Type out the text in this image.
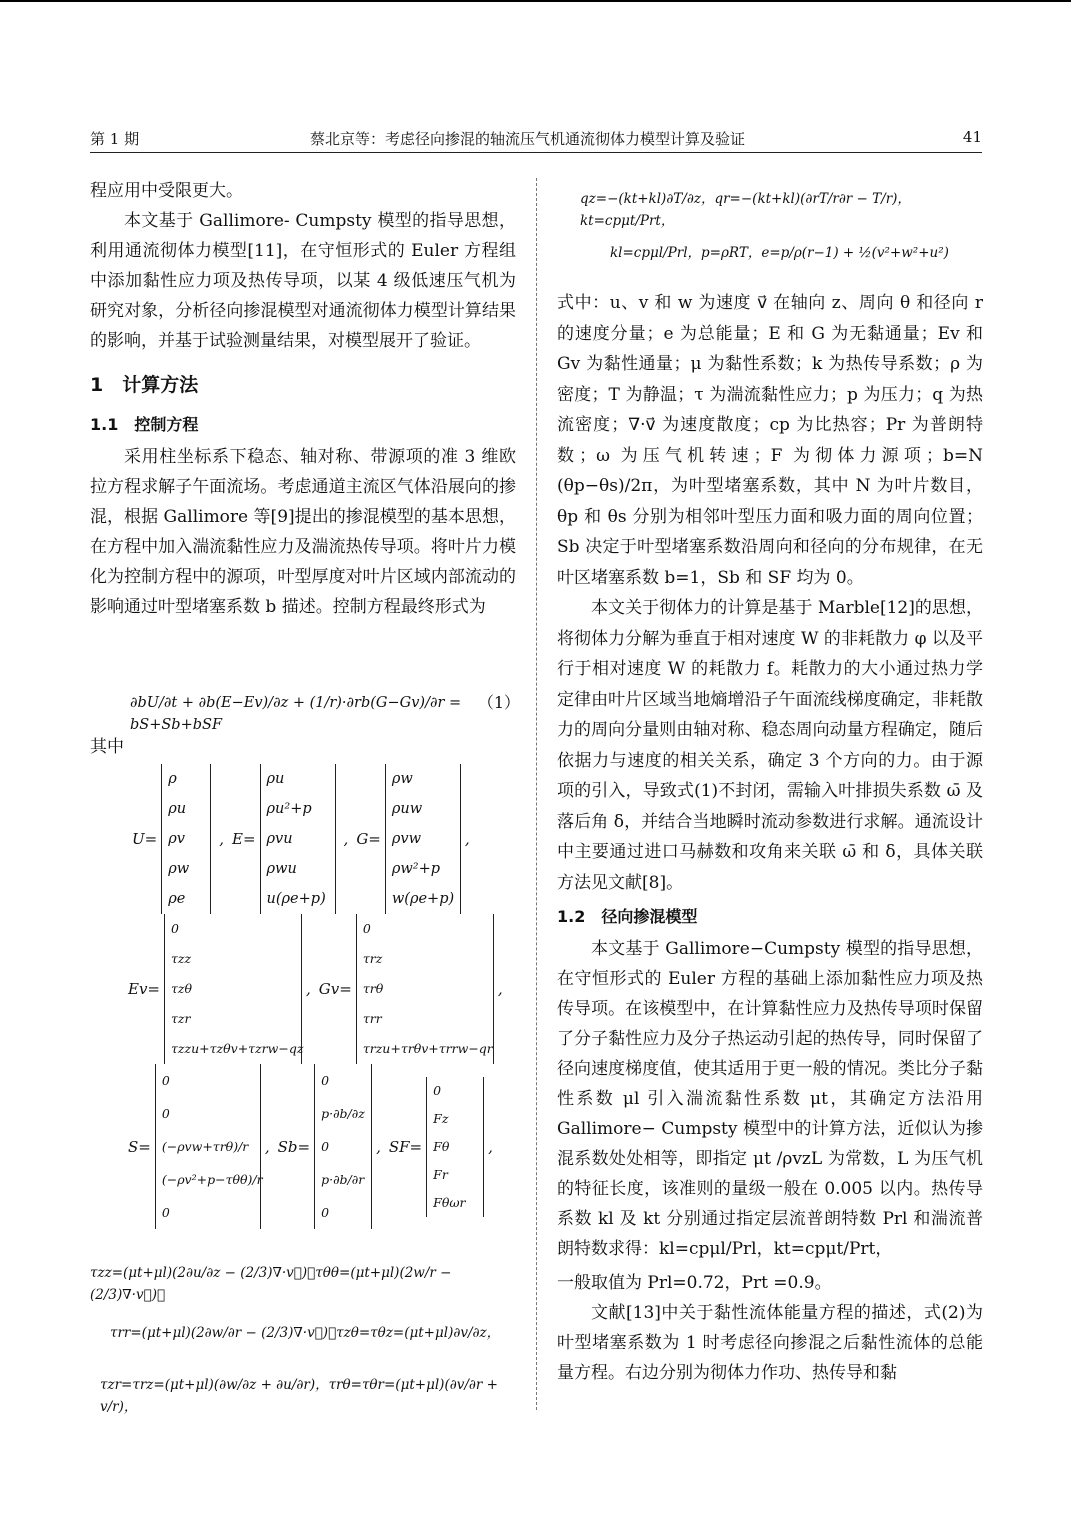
第 1 期	蔡北京等：考虑径向掺混的轴流压气机通流彻体力模型计算及验证	41

程应用中受限更大。

本文基于 Gallimore- Cumpsty 模型的指导思想，利用通流彻体力模型[11]，在守恒形式的 Euler 方程组中添加黏性应力项及热传导项，以某 4 级低速压气机为研究对象，分析径向掺混模型对通流彻体力模型计算结果的影响，并基于试验测量结果，对模型展开了验证。

1　计算方法
1.1　控制方程

采用柱坐标系下稳态、轴对称、带源项的准 3 维欧拉方程求解子午面流场。考虑通道主流区气体沿展向的掺混，根据 Gallimore 等[9]提出的掺混模型的基本思想，在方程中加入湍流黏性应力及湍流热传导项。将叶片力模化为控制方程中的源项，叶型厚度对叶片区域内部流动的影响通过叶型堵塞系数 b 描述。控制方程最终形式为

∂bU/∂t + ∂b(E−Ev)/∂z + (1/r)·∂rb(G−Gv)/∂r = bS+Sb+bSF
（1）
其中
U=
ρ
ρu
ρv
ρw
ρe
, E=
ρu
ρu²+p
ρvu
ρwu
u(ρe+p)
, G=
ρw
ρuw
ρvw
ρw²+p
w(ρe+p)
,
Ev=
0
τzz
τzθ
τzr
τzzu+τzθv+τzrw−qz
, Gv=
0
τrz
τrθ
τrr
τrzu+τrθv+τrrw−qr
,
S=
0
0
(−ρvw+τrθ)/r
(−ρv²+p−τθθ)/r
0
, Sb=
0
p·∂b/∂z
0
p·∂b/∂r
0
, SF=
0
Fz
Fθ
Fr
Fθωr
,
τzz=(μt+μl)(2∂u/∂z − (2/3)∇·v⃗)，τθθ=(μt+μl)(2w/r − (2/3)∇·v⃗)，
τrr=(μt+μl)(2∂w/∂r − (2/3)∇·v⃗)，τzθ=τθz=(μt+μl)∂v/∂z，
τzr=τrz=(μt+μl)(∂w/∂z + ∂u/∂r)，τrθ=τθr=(μt+μl)(∂v/∂r + v/r)，
qz=−(kt+kl)∂T/∂z，qr=−(kt+kl)(∂rT/r∂r − T/r)，kt=cpμt/Prt，
kl=cpμl/Prl，p=ρRT，e=p/ρ(r−1) + ½(v²+w²+u²)

式中：u、v 和 w 为速度 v⃗ 在轴向 z、周向 θ 和径向 r 的速度分量；e 为总能量；E 和 G 为无黏通量；Ev 和 Gv 为黏性通量；μ 为黏性系数；k 为热传导系数；ρ 为密度；T 为静温；τ 为湍流黏性应力；p 为压力；q 为热流密度；∇·v⃗ 为速度散度；cp 为比热容；Pr 为普朗特数；ω 为压气机转速；F 为彻体力源项；b=N (θp−θs)/2π，为叶型堵塞系数，其中 N 为叶片数目，θp 和 θs 分别为相邻叶型压力面和吸力面的周向位置；Sb 决定于叶型堵塞系数沿周向和径向的分布规律，在无叶区堵塞系数 b=1，Sb 和 SF 均为 0。

本文关于彻体力的计算是基于 Marble[12]的思想，将彻体力分解为垂直于相对速度 W 的非耗散力 φ 以及平行于相对速度 W 的耗散力 f。耗散力的大小通过热力学定律由叶片区域当地熵增沿子午面流线梯度确定，非耗散力的周向分量则由轴对称、稳态周向动量方程确定，随后依据力与速度的相关关系，确定 3 个方向的力。由于源项的引入，导致式(1)不封闭，需输入叶排损失系数 ω̄ 及落后角 δ，并结合当地瞬时流动参数进行求解。通流设计中主要通过进口马赫数和攻角来关联 ω̄ 和 δ，具体关联方法见文献[8]。

1.2　径向掺混模型

本文基于 Gallimore−Cumpsty 模型的指导思想，在守恒形式的 Euler 方程的基础上添加黏性应力项及热传导项。在该模型中，在计算黏性应力及热传导项时保留了分子黏性应力及分子热运动引起的热传导，同时保留了径向速度梯度值，使其适用于更一般的情况。类比分子黏性系数 μl 引入湍流黏性系数 μt，其确定方法沿用 Gallimore− Cumpsty 模型中的计算方法，近似认为掺混系数处处相等，即指定 μt /ρvzL 为常数，L 为压气机的特征长度，该准则的量级一般在 0.005 以内。热传导系数 kl 及 kt 分别通过指定层流普朗特数 Prl 和湍流普朗特数求得：kl=cpμl/Prl，kt=cpμt/Prt，

一般取值为 Prl=0.72，Prt =0.9。

文献[13]中关于黏性流体能量方程的描述，式(2)为叶型堵塞系数为 1 时考虑径向掺混之后黏性流体的总能量方程。右边分别为彻体力作功、热传导和黏
